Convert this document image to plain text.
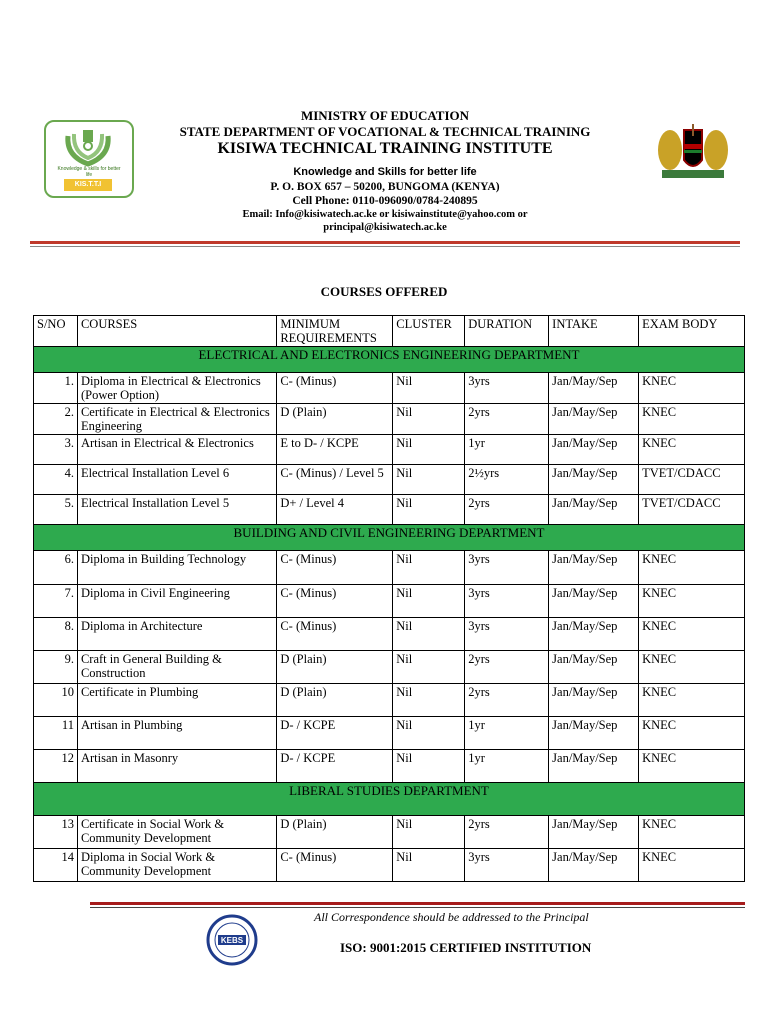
Knowledge & skills for better life
KIS.T.T.I
MINISTRY OF EDUCATION
STATE DEPARTMENT OF VOCATIONAL & TECHNICAL TRAINING
KISIWA TECHNICAL TRAINING INSTITUTE
Knowledge and Skills for better life
P. O. BOX 657 – 50200, BUNGOMA (KENYA)
Cell Phone: 0110-096090/0784-240895
Email: Info@kisiwatech.ac.ke or kisiwainstitute@yahoo.com or
principal@kisiwatech.ac.ke
COURSES OFFERED
S/NO	COURSES	MINIMUM REQUIREMENTS	CLUSTER	DURATION	INTAKE	EXAM BODY
ELECTRICAL AND ELECTRONICS ENGINEERING DEPARTMENT						
1.	Diploma in Electrical & Electronics (Power Option)	C- (Minus)	Nil	3yrs	Jan/May/Sep	KNEC
2.	Certificate in Electrical & Electronics Engineering	D (Plain)	Nil	2yrs	Jan/May/Sep	KNEC
3.	Artisan in Electrical & Electronics	E to D- / KCPE	Nil	1yr	Jan/May/Sep	KNEC
4.	Electrical Installation Level 6	C- (Minus) / Level 5	Nil	2½yrs	Jan/May/Sep	TVET/CDACC
5.	Electrical Installation Level 5	D+ / Level 4	Nil	2yrs	Jan/May/Sep	TVET/CDACC
BUILDING AND CIVIL ENGINEERING DEPARTMENT						
6.	Diploma in Building Technology	C- (Minus)	Nil	3yrs	Jan/May/Sep	KNEC
7.	Diploma in Civil Engineering	C- (Minus)	Nil	3yrs	Jan/May/Sep	KNEC
8.	Diploma in Architecture	C- (Minus)	Nil	3yrs	Jan/May/Sep	KNEC
9.	Craft in General Building & Construction	D (Plain)	Nil	2yrs	Jan/May/Sep	KNEC
10	Certificate in Plumbing	D (Plain)	Nil	2yrs	Jan/May/Sep	KNEC
11	Artisan in Plumbing	D- / KCPE	Nil	1yr	Jan/May/Sep	KNEC
12	Artisan in Masonry	D- / KCPE	Nil	1yr	Jan/May/Sep	KNEC
LIBERAL STUDIES DEPARTMENT						
13	Certificate in Social Work & Community Development	D (Plain)	Nil	2yrs	Jan/May/Sep	KNEC
14	Diploma in Social Work & Community Development	C- (Minus)	Nil	3yrs	Jan/May/Sep	KNEC
KEBS
All Correspondence should be addressed to the Principal
ISO: 9001:2015 CERTIFIED INSTITUTION
